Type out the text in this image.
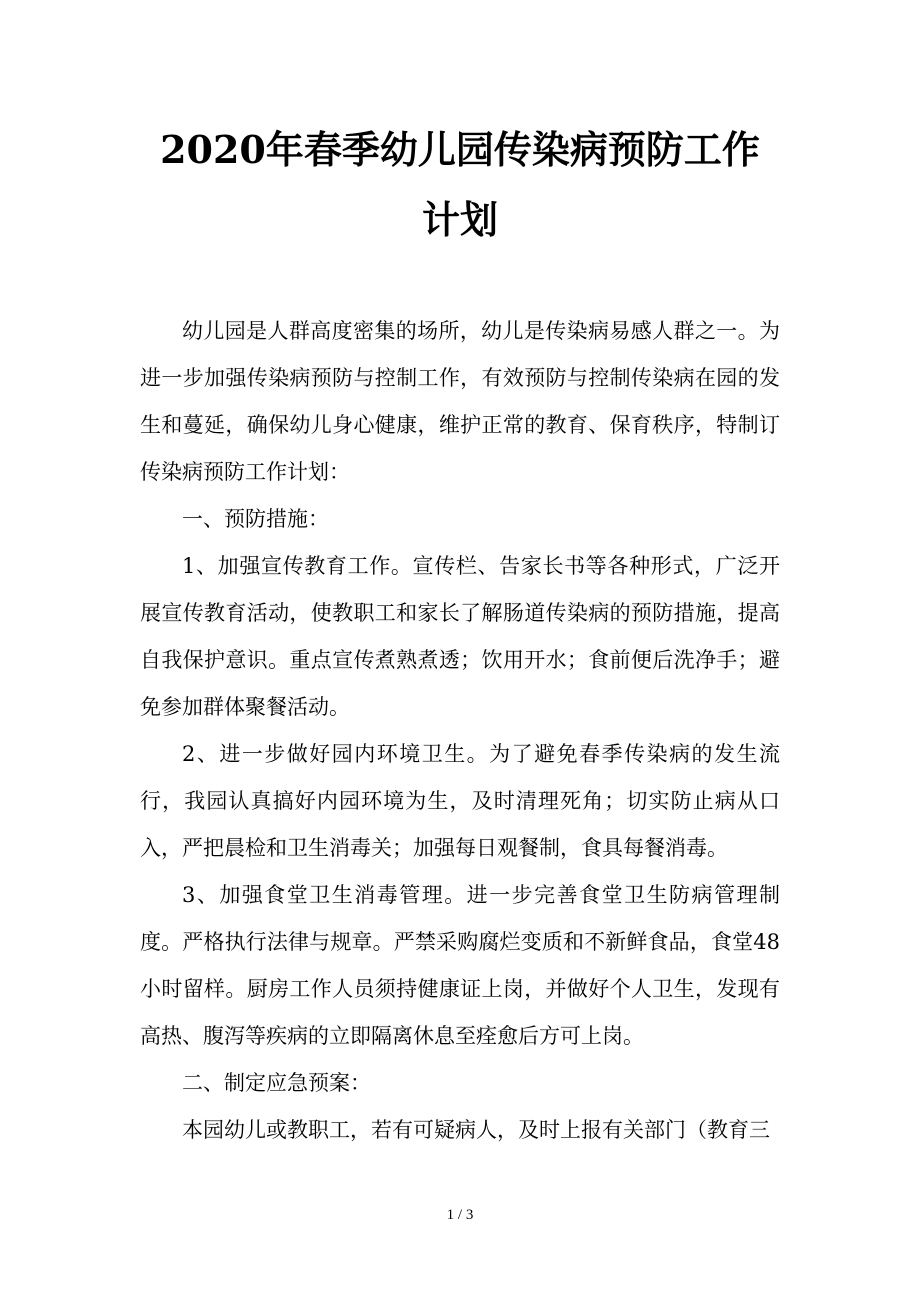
2020年春季幼儿园传染病预防工作
计划

幼儿园是人群高度密集的场所，幼儿是传染病易感人群之一。为进一步加强传染病预防与控制工作，有效预防与控制传染病在园的发生和蔓延，确保幼儿身心健康，维护正常的教育、保育秩序，特制订传染病预防工作计划：

一、预防措施：

1、加强宣传教育工作。宣传栏、告家长书等各种形式，广泛开展宣传教育活动，使教职工和家长了解肠道传染病的预防措施，提高自我保护意识。重点宣传煮熟煮透；饮用开水；食前便后洗净手；避免参加群体聚餐活动。

2、进一步做好园内环境卫生。为了避免春季传染病的发生流行，我园认真搞好内园环境为生，及时清理死角；切实防止病从口入，严把晨检和卫生消毒关；加强每日观餐制，食具每餐消毒。

3、加强食堂卫生消毒管理。进一步完善食堂卫生防病管理制度。严格执行法律与规章。严禁采购腐烂变质和不新鲜食品，食堂48小时留样。厨房工作人员须持健康证上岗，并做好个人卫生，发现有高热、腹泻等疾病的立即隔离休息至痊愈后方可上岗。

二、制定应急预案：

本园幼儿或教职工，若有可疑病人，及时上报有关部门（教育三

1 / 3
